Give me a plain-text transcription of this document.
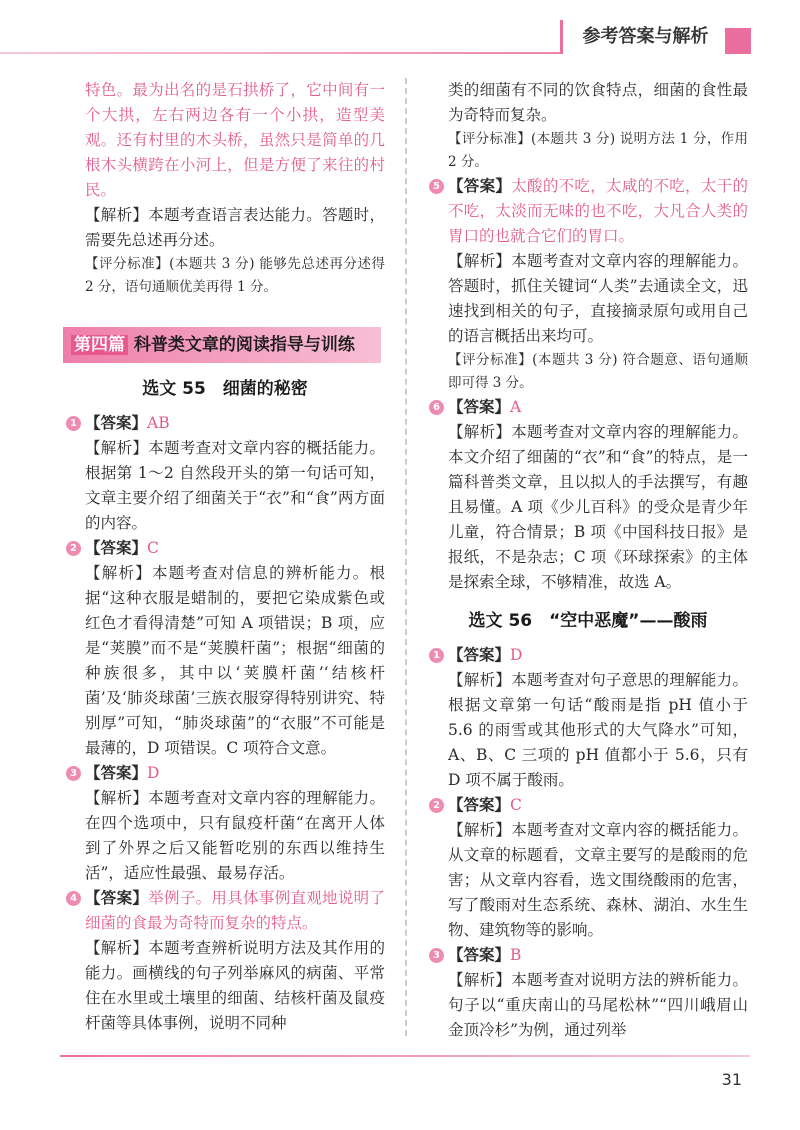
参考答案与解析

特色。最为出名的是石拱桥了，它中间有一个大拱，左右两边各有一个小拱，造型美观。还有村里的木头桥，虽然只是简单的几根木头横跨在小河上，但是方便了来往的村民。

【解析】本题考查语言表达能力。答题时，需要先总述再分述。

【评分标准】(本题共 3 分) 能够先总述再分述得 2 分，语句通顺优美再得 1 分。

第四篇 科普类文章的阅读指导与训练
选文 55　细菌的秘密
1 【答案】AB

【解析】本题考查对文章内容的概括能力。根据第 1～2 自然段开头的第一句话可知，文章主要介绍了细菌关于“衣”和“食”两方面的内容。

2 【答案】C

【解析】本题考查对信息的辨析能力。根据“这种衣服是蜡制的，要把它染成紫色或红色才看得清楚”可知 A 项错误；B 项，应是“荚膜”而不是“荚膜杆菌”；根据“细菌的种族很多，其中以‘荚膜杆菌’‘结核杆菌’及‘肺炎球菌’三族衣服穿得特别讲究、特别厚”可知，“肺炎球菌”的“衣服”不可能是最薄的，D 项错误。C 项符合文意。

3 【答案】D

【解析】本题考查对文章内容的理解能力。在四个选项中，只有鼠疫杆菌“在离开人体到了外界之后又能暂吃别的东西以维持生活”，适应性最强、最易存活。

4 【答案】举例子。用具体事例直观地说明了细菌的食最为奇特而复杂的特点。

【解析】本题考查辨析说明方法及其作用的能力。画横线的句子列举麻风的病菌、平常住在水里或土壤里的细菌、结核杆菌及鼠疫杆菌等具体事例，说明不同种

类的细菌有不同的饮食特点，细菌的食性最为奇特而复杂。

【评分标准】(本题共 3 分) 说明方法 1 分，作用 2 分。

5 【答案】太酸的不吃，太咸的不吃，太干的不吃，太淡而无味的也不吃，大凡合人类的胃口的也就合它们的胃口。

【解析】本题考查对文章内容的理解能力。答题时，抓住关键词“人类”去通读全文，迅速找到相关的句子，直接摘录原句或用自己的语言概括出来均可。

【评分标准】(本题共 3 分) 符合题意、语句通顺即可得 3 分。

6 【答案】A

【解析】本题考查对文章内容的理解能力。本文介绍了细菌的“衣”和“食”的特点，是一篇科普类文章，且以拟人的手法撰写，有趣且易懂。A 项《少儿百科》的受众是青少年儿童，符合情景；B 项《中国科技日报》是报纸，不是杂志；C 项《环球探索》的主体是探索全球，不够精准，故选 A。

选文 56　“空中恶魔”——酸雨
1 【答案】D

【解析】本题考查对句子意思的理解能力。根据文章第一句话“酸雨是指 pH 值小于 5.6 的雨雪或其他形式的大气降水”可知，A、B、C 三项的 pH 值都小于 5.6，只有 D 项不属于酸雨。

2 【答案】C

【解析】本题考查对文章内容的概括能力。从文章的标题看，文章主要写的是酸雨的危害；从文章内容看，选文围绕酸雨的危害，写了酸雨对生态系统、森林、湖泊、水生生物、建筑物等的影响。

3 【答案】B

【解析】本题考查对说明方法的辨析能力。句子以“重庆南山的马尾松林”“四川峨眉山金顶冷杉”为例，通过列举

31
